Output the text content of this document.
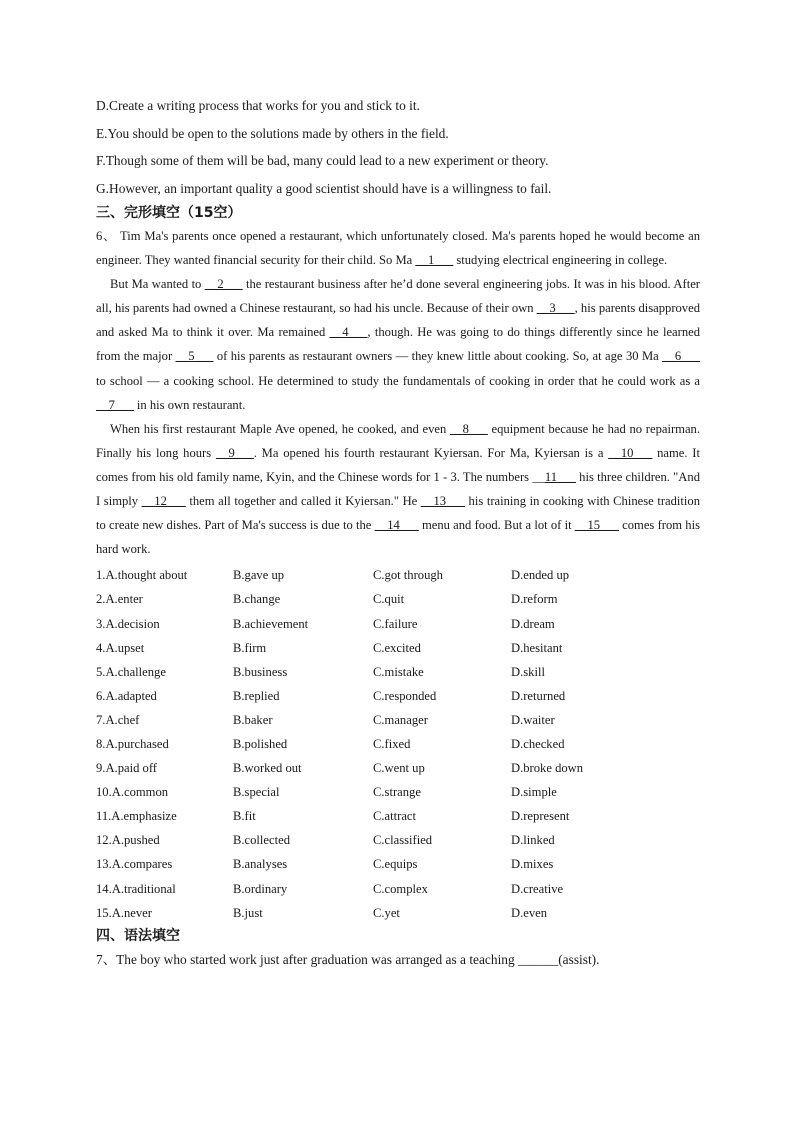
D.Create a writing process that works for you and stick to it.
E.You should be open to the solutions made by others in the field.
F.Though some of them will be bad, many could lead to a new experiment or theory.
G.However, an important quality a good scientist should have is a willingness to fail.
三、完形填空（15空）

6、 Tim Ma's parents once opened a restaurant, which unfortunately closed. Ma's parents hoped he would become an engineer. They wanted financial security for their child. So Ma __1___ studying electrical engineering in college.

But Ma wanted to __2___ the restaurant business after he’d done several engineering jobs. It was in his blood. After all, his parents had owned a Chinese restaurant, so had his uncle. Because of their own __3___, his parents disapproved and asked Ma to think it over. Ma remained __4___, though. He was going to do things differently since he learned from the major __5___ of his parents as restaurant owners — they knew little about cooking. So, at age 30 Ma __6___ to school — a cooking school. He determined to study the fundamentals of cooking in order that he could work as a __7___ in his own restaurant.

When his first restaurant Maple Ave opened, he cooked, and even __8___ equipment because he had no repairman. Finally his long hours __9___. Ma opened his fourth restaurant Kyiersan. For Ma, Kyiersan is a __10___ name. It comes from his old family name, Kyin, and the Chinese words for 1 - 3. The numbers __11___ his three children. "And I simply __12___ them all together and called it Kyiersan." He __13___ his training in cooking with Chinese tradition to create new dishes. Part of Ma's success is due to the __14___ menu and food. But a lot of it __15___ comes from his hard work.

1.A.thought about	B.gave up	C.got through	D.ended up
2.A.enter	B.change	C.quit	D.reform
3.A.decision	B.achievement	C.failure	D.dream
4.A.upset	B.firm	C.excited	D.hesitant
5.A.challenge	B.business	C.mistake	D.skill
6.A.adapted	B.replied	C.responded	D.returned
7.A.chef	B.baker	C.manager	D.waiter
8.A.purchased	B.polished	C.fixed	D.checked
9.A.paid off	B.worked out	C.went up	D.broke down
10.A.common	B.special	C.strange	D.simple
11.A.emphasize	B.fit	C.attract	D.represent
12.A.pushed	B.collected	C.classified	D.linked
13.A.compares	B.analyses	C.equips	D.mixes
14.A.traditional	B.ordinary	C.complex	D.creative
15.A.never	B.just	C.yet	D.even
四、语法填空
7、The boy who started work just after graduation was arranged as a teaching ______(assist).
